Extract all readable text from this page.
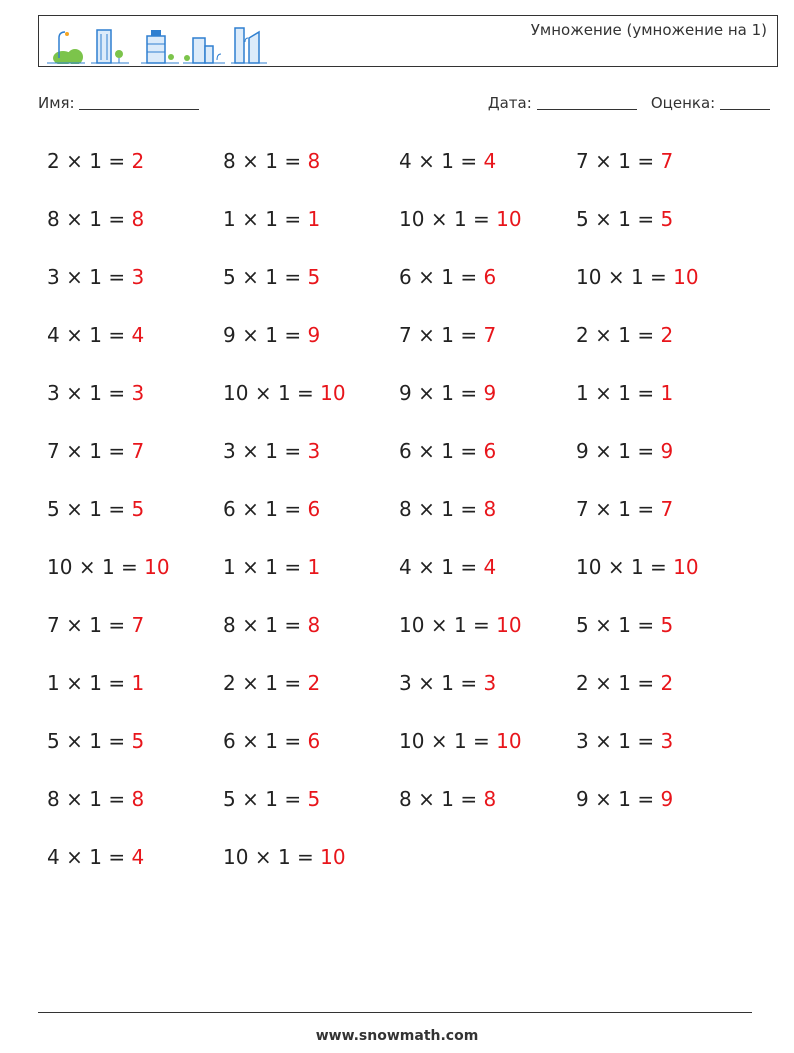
Умножение (умножение на 1)
Имя:	Дата:	Оценка:
2 × 1 = 2	8 × 1 = 8	4 × 1 = 4	7 × 1 = 7
8 × 1 = 8	1 × 1 = 1	10 × 1 = 10	5 × 1 = 5
3 × 1 = 3	5 × 1 = 5	6 × 1 = 6	10 × 1 = 10
4 × 1 = 4	9 × 1 = 9	7 × 1 = 7	2 × 1 = 2
3 × 1 = 3	10 × 1 = 10	9 × 1 = 9	1 × 1 = 1
7 × 1 = 7	3 × 1 = 3	6 × 1 = 6	9 × 1 = 9
5 × 1 = 5	6 × 1 = 6	8 × 1 = 8	7 × 1 = 7
10 × 1 = 10	1 × 1 = 1	4 × 1 = 4	10 × 1 = 10
7 × 1 = 7	8 × 1 = 8	10 × 1 = 10	5 × 1 = 5
1 × 1 = 1	2 × 1 = 2	3 × 1 = 3	2 × 1 = 2
5 × 1 = 5	6 × 1 = 6	10 × 1 = 10	3 × 1 = 3
8 × 1 = 8	5 × 1 = 5	8 × 1 = 8	9 × 1 = 9
4 × 1 = 4	10 × 1 = 10
www.snowmath.com
